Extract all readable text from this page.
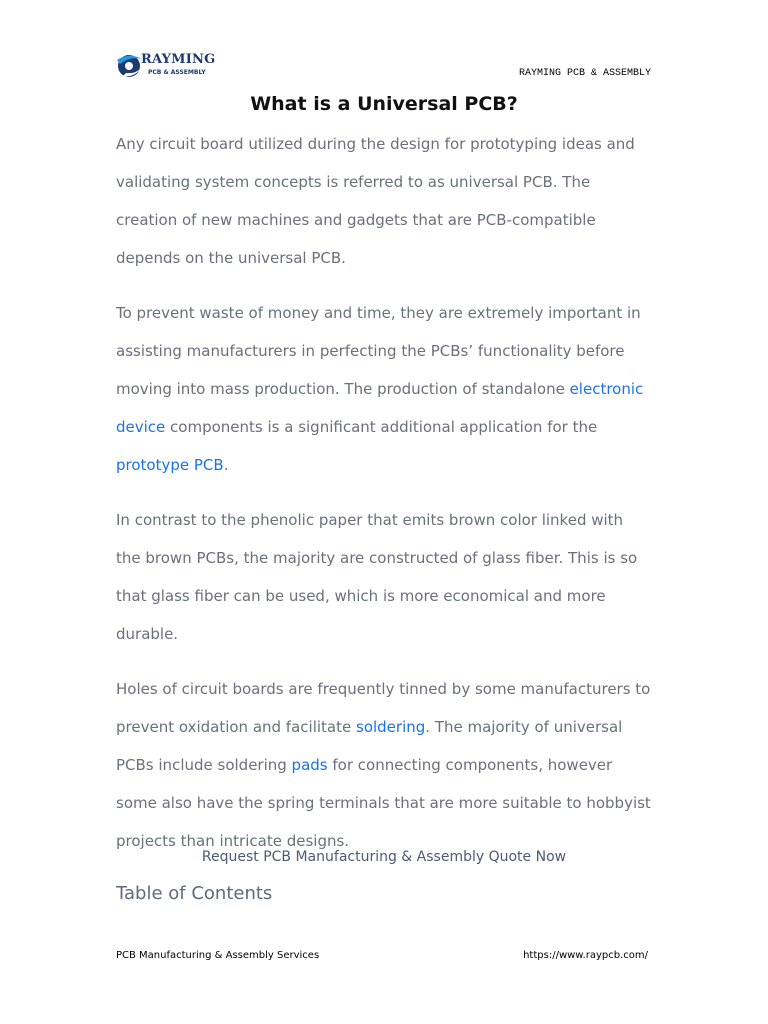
RAYMING
PCB & ASSEMBLY	RAYMING PCB & ASSEMBLY
What is a Universal PCB?

Any circuit board utilized during the design for prototyping ideas and validating system concepts is referred to as universal PCB. The creation of new machines and gadgets that are PCB-compatible depends on the universal PCB.

To prevent waste of money and time, they are extremely important in assisting manufacturers in perfecting the PCBs’ functionality before moving into mass production. The production of standalone electronic device components is a significant additional application for the prototype PCB.

In contrast to the phenolic paper that emits brown color linked with the brown PCBs, the majority are constructed of glass fiber. This is so that glass fiber can be used, which is more economical and more durable.

Holes of circuit boards are frequently tinned by some manufacturers to prevent oxidation and facilitate soldering. The majority of universal PCBs include soldering pads for connecting components, however some also have the spring terminals that are more suitable to hobbyist projects than intricate designs.

Request PCB Manufacturing & Assembly Quote Now
Table of Contents
PCB Manufacturing & Assembly Services	https://www.raypcb.com/
